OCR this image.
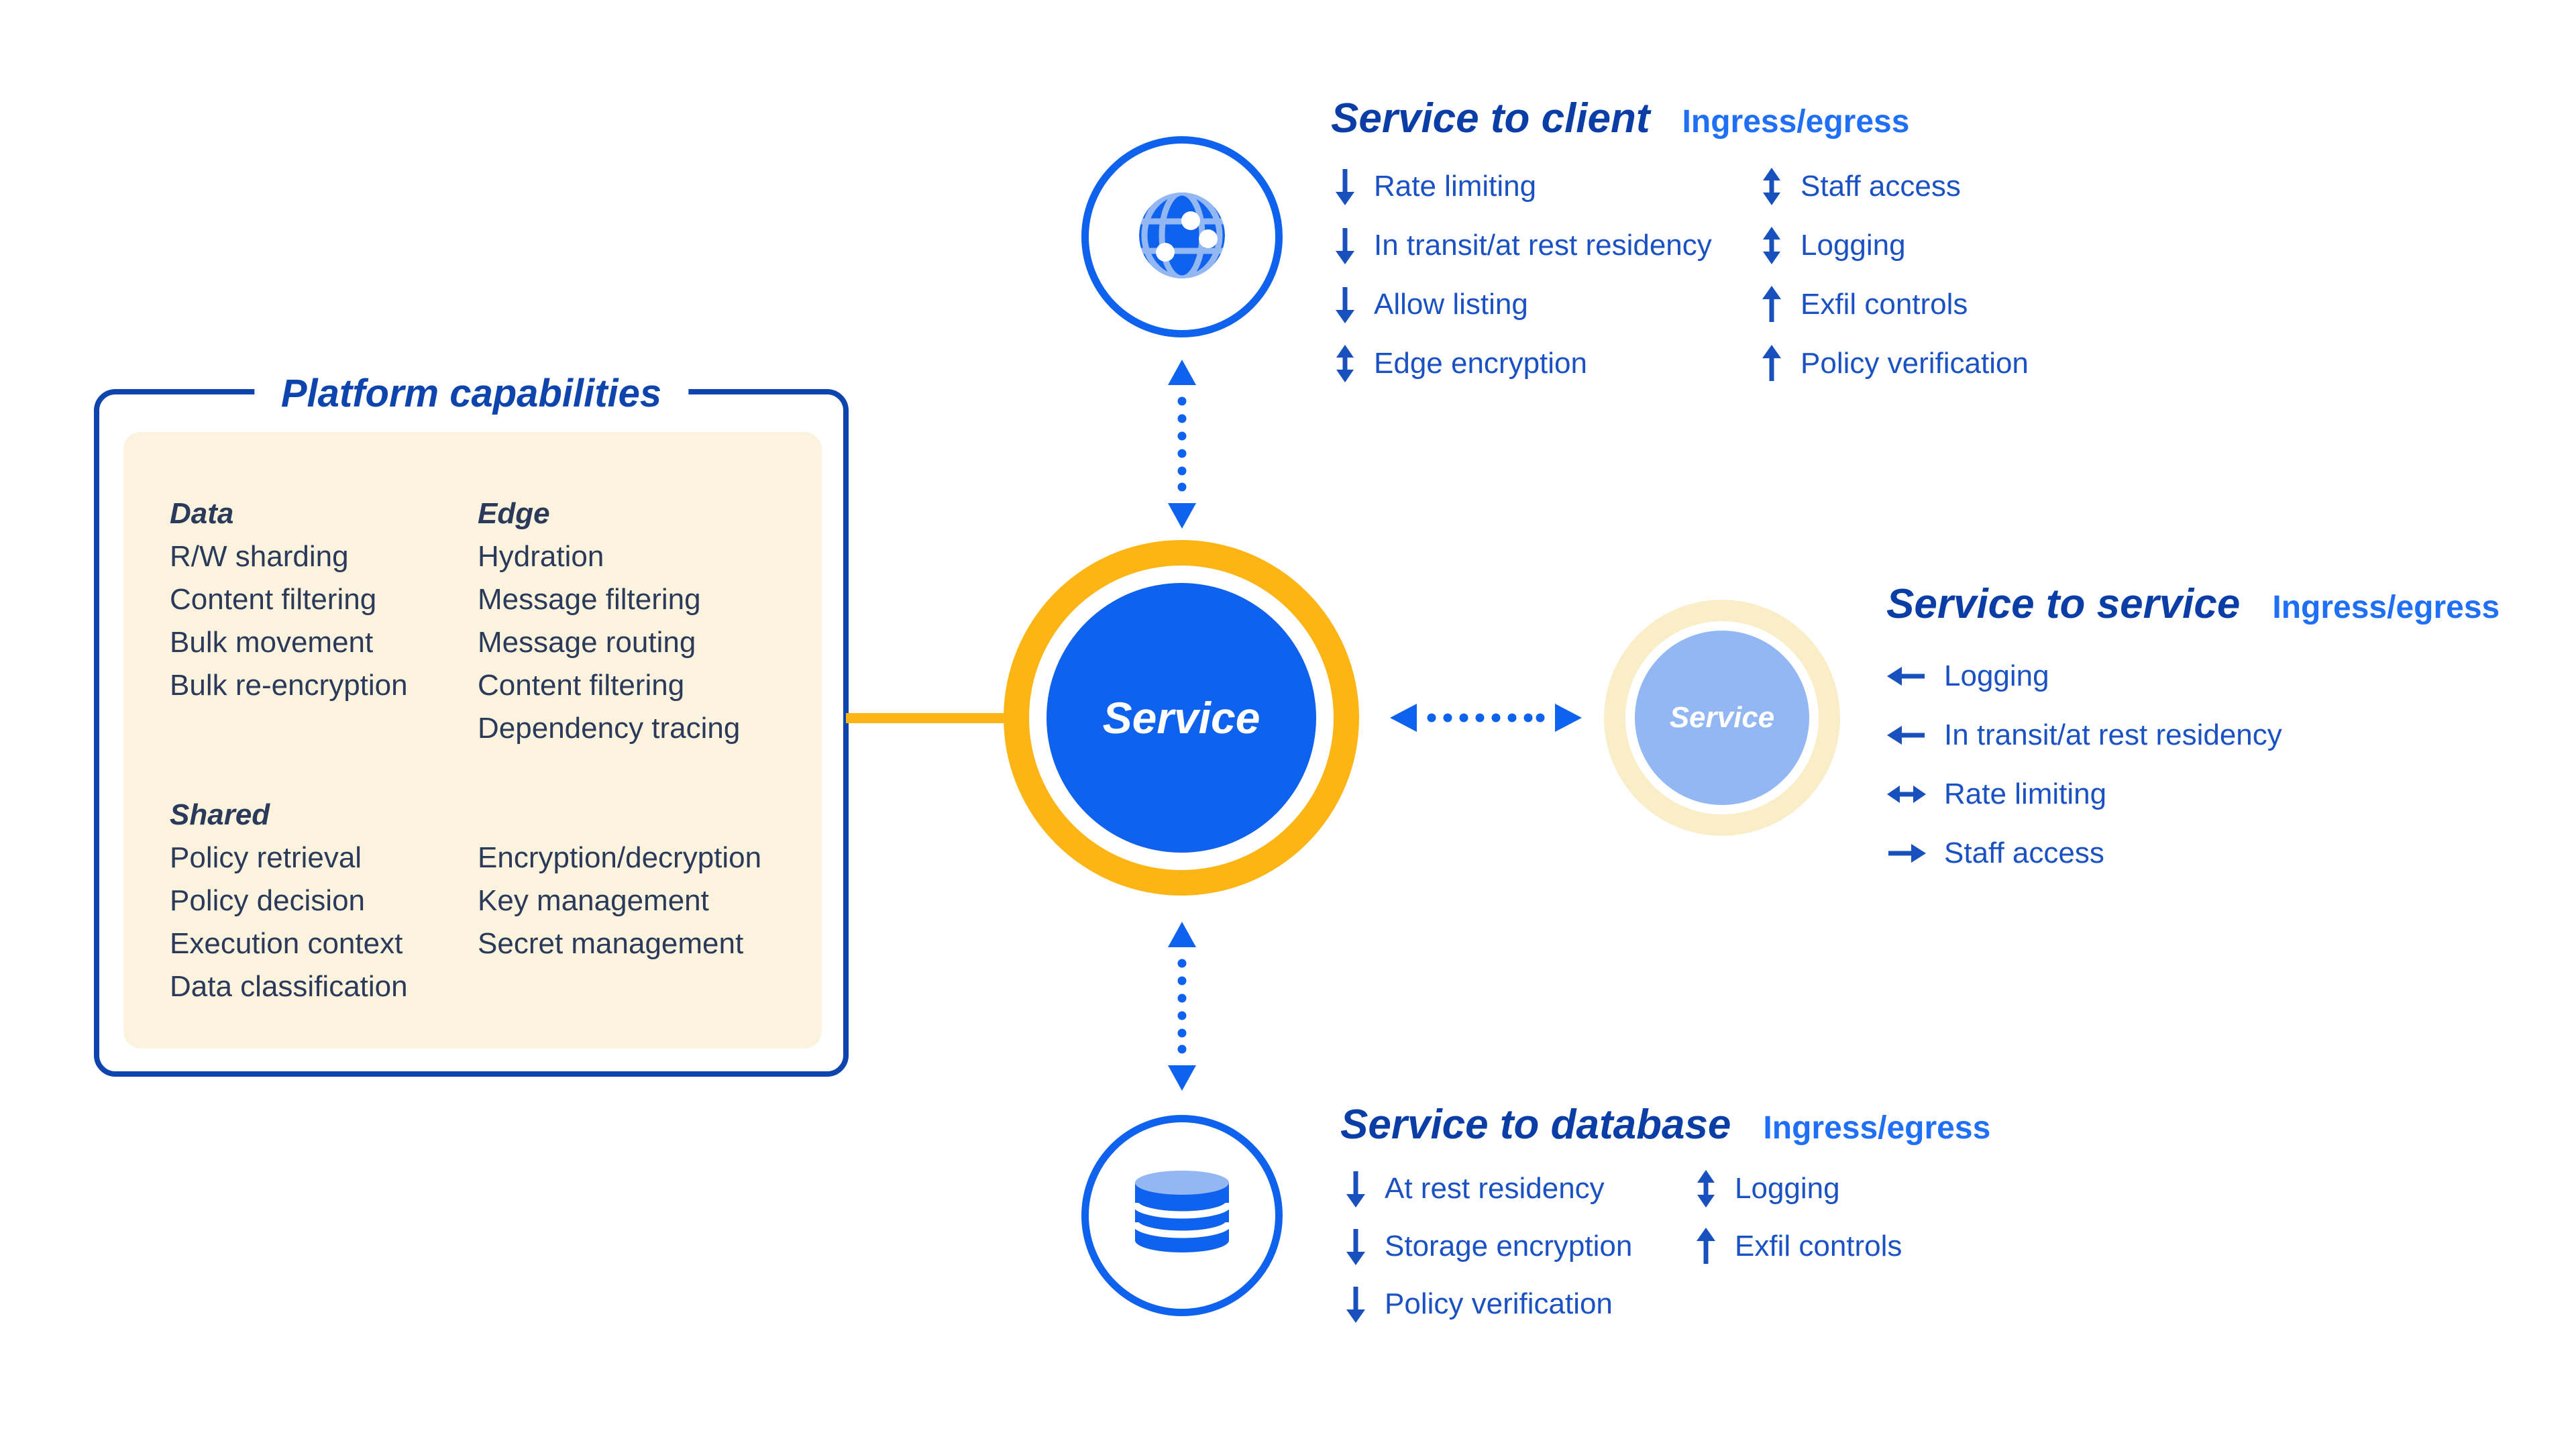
Platform capabilities
Data
R/W sharding
Content filtering
Bulk movement
Bulk re-encryption
Edge
Hydration
Message filtering
Message routing
Content filtering
Dependency tracing
Shared
Policy retrieval
Policy decision
Execution context
Data classification
Encryption/decryption
Key management
Secret management
Service	Service
Service to client Ingress/egress
Rate limiting
In transit/at rest residency
Allow listing
Edge encryption
Staff access
Logging
Exfil controls
Policy verification
Service to service Ingress/egress
Logging
In transit/at rest residency
Rate limiting
Staff access
Service to database Ingress/egress
At rest residency
Storage encryption
Policy verification
Logging
Exfil controls
